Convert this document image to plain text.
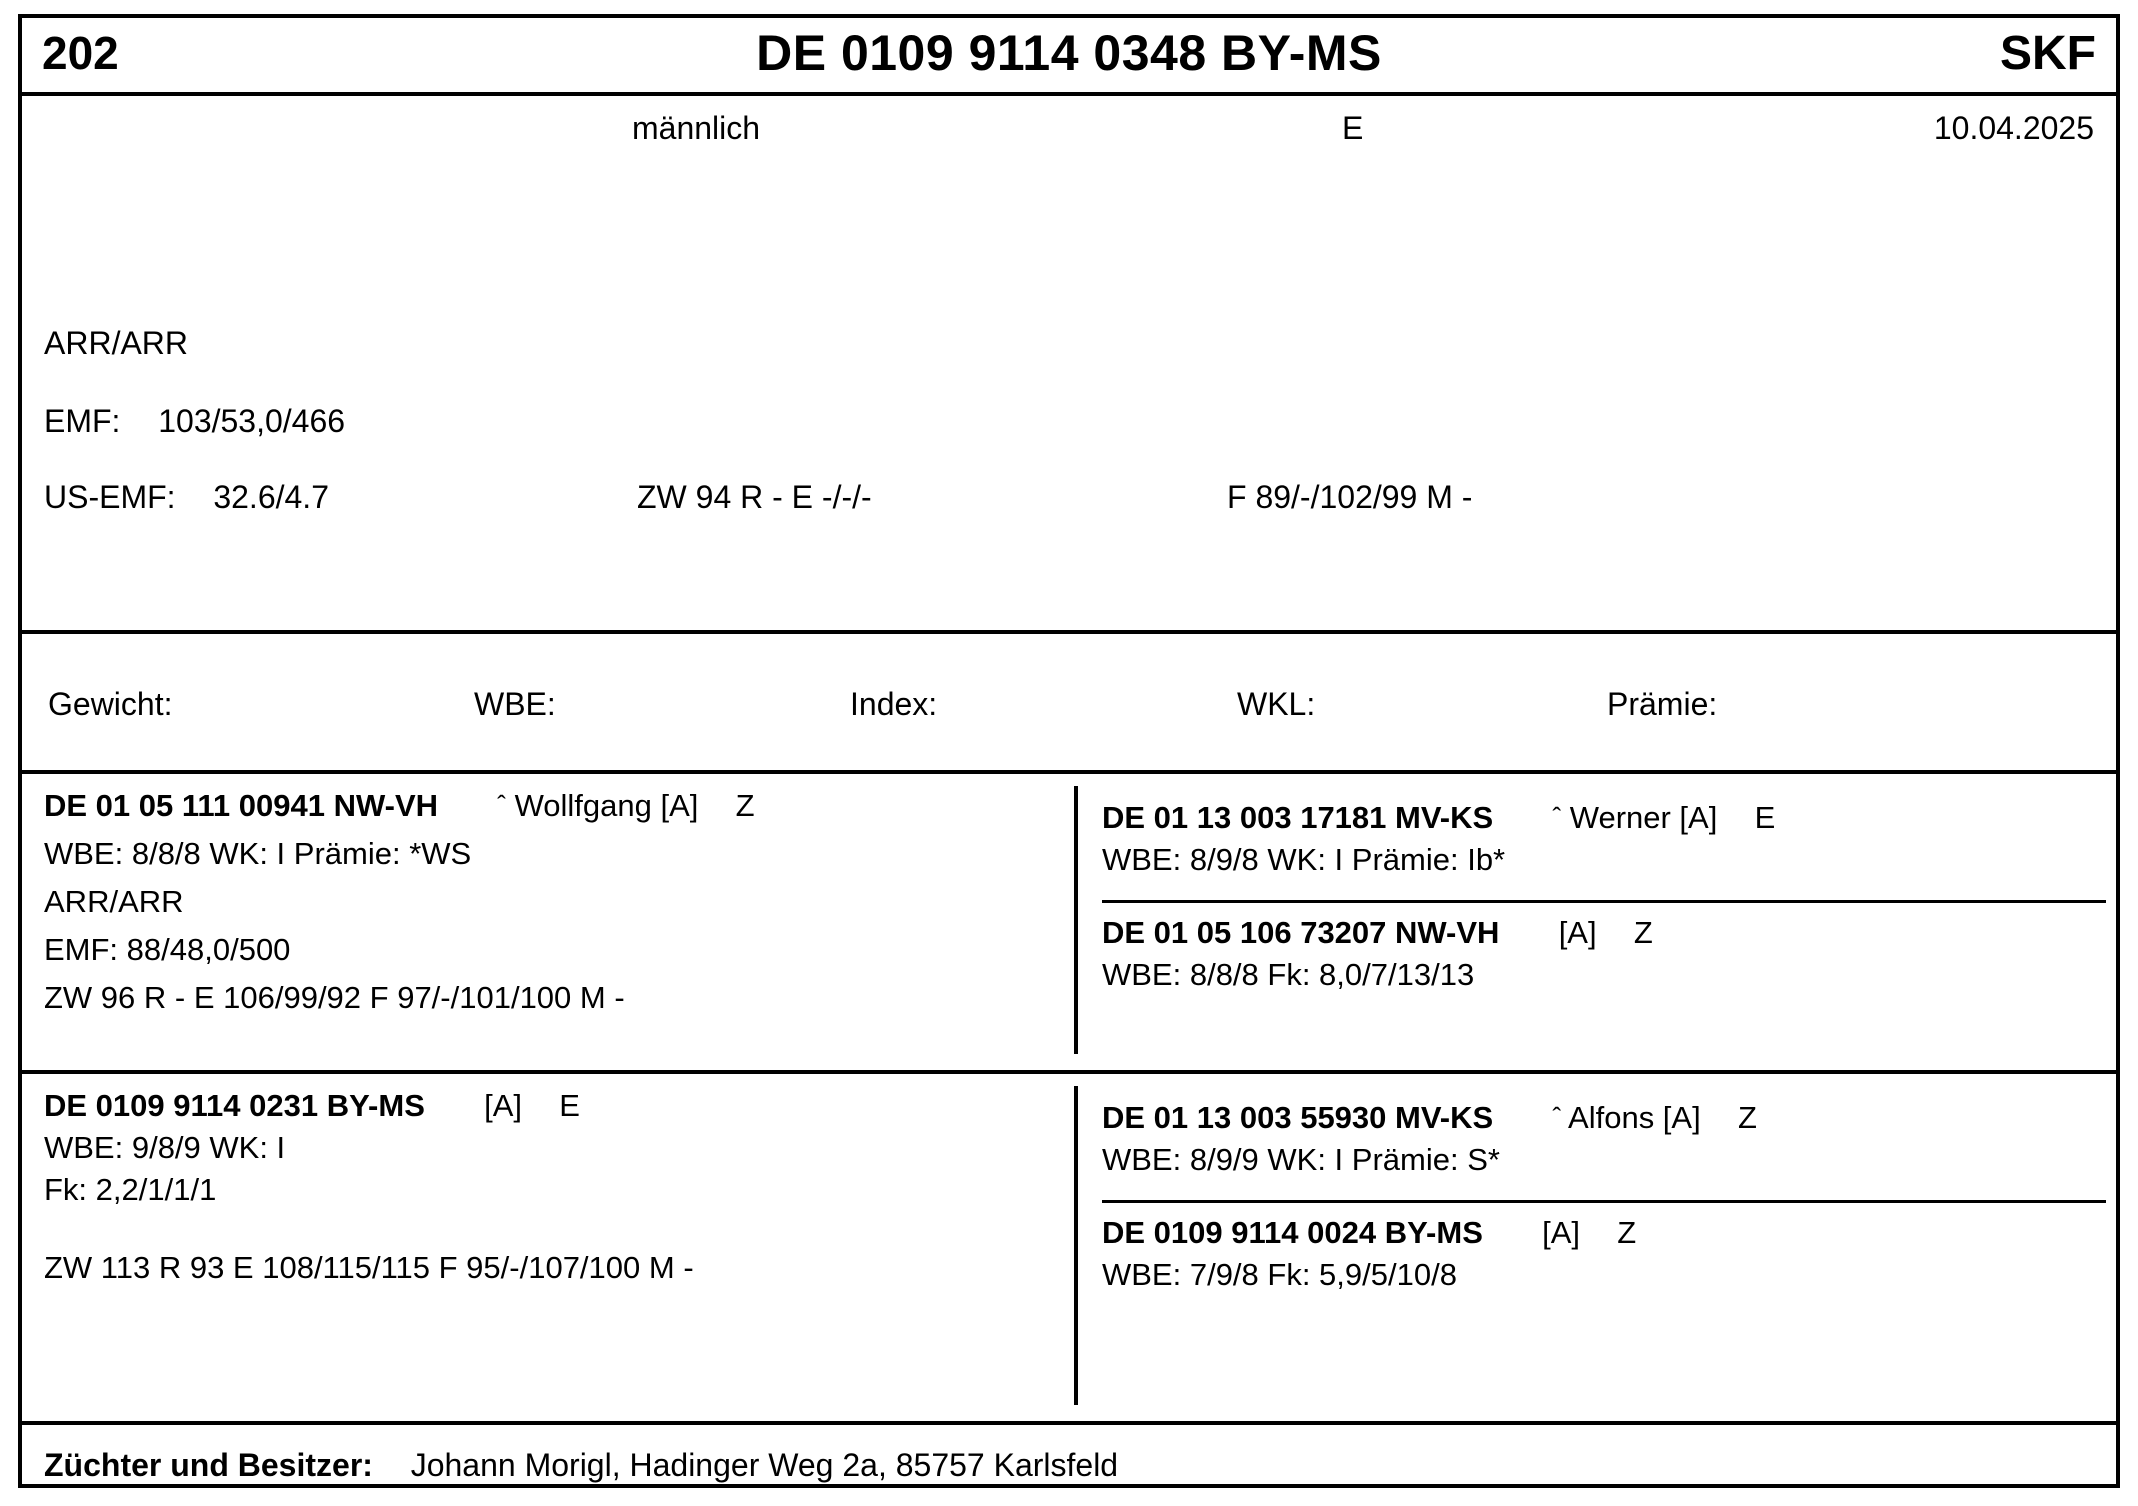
202	DE 0109 9114 0348 BY-MS	SKF
männlich	E	10.04.2025
ARR/ARR
EMF: 103/53,0/466
US-EMF: 32.6/4.7	ZW 94 R - E -/-/-	F 89/-/102/99 M -
Gewicht:	WBE:	Index:	WKL:	Prämie:
DE 01 05 111 00941 NW-VH ˆ Wollfgang [A] Z
WBE: 8/8/8 WK: I Prämie: *WS
ARR/ARR
EMF: 88/48,0/500
ZW 96 R - E 106/99/92 F 97/-/101/100 M -
DE 01 13 003 17181 MV-KS ˆ Werner [A] E
WBE: 8/9/8 WK: I Prämie: Ib*
DE 01 05 106 73207 NW-VH [A] Z
WBE: 8/8/8 Fk: 8,0/7/13/13
DE 0109 9114 0231 BY-MS [A] E
WBE: 9/8/9 WK: I
Fk: 2,2/1/1/1
ZW 113 R 93 E 108/115/115 F 95/-/107/100 M -
DE 01 13 003 55930 MV-KS ˆ Alfons [A] Z
WBE: 8/9/9 WK: I Prämie: S*
DE 0109 9114 0024 BY-MS [A] Z
WBE: 7/9/8 Fk: 5,9/5/10/8
Züchter und Besitzer: Johann Morigl, Hadinger Weg 2a, 85757 Karlsfeld
